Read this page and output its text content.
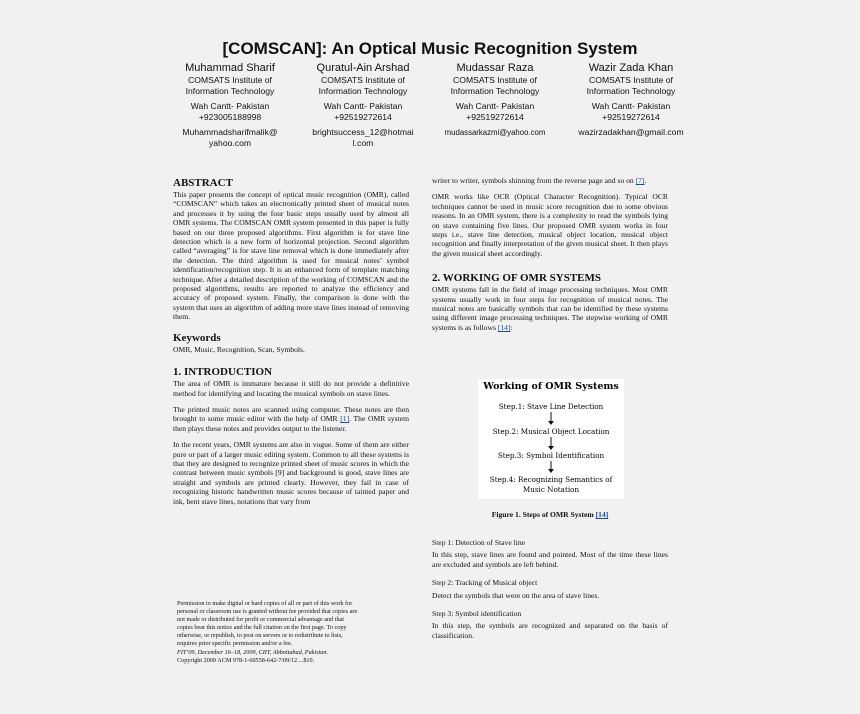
[COMSCAN]: An Optical Music Recognition System
Muhammad Sharif
COMSATS Institute of
Information Technology
Wah Cantt- Pakistan
+923005188998
Muhammadsharifmalik@
yahoo.com
Quratul-Ain Arshad
COMSATS Institute of
Information Technology
Wah Cantt- Pakistan
+92519272614
brightsuccess_12@hotmai
l.com
Mudassar Raza
COMSATS Institute of
Information Technology
Wah Cantt- Pakistan
+92519272614
mudassarkazmi@yahoo.com
Wazir Zada Khan
COMSATS Institute of
Information Technology
Wah Cantt- Pakistan
+92519272614
wazirzadakhan@gmail.com
ABSTRACT

This paper presents the concept of optical music recognition (OMR), called “COMSCAN” which takes an electronically printed sheet of musical notes and processes it by using the four basic steps usually used by almost all OMR systems. The COMSCAN OMR system presented in this paper is fully based on our three proposed algorithms. First algorithm is for stave line detection which is a new form of horizontal projection. Second algorithm called “averaging” is for stave line removal which is done immediately after the detection. The third algorithm is used for musical notes’ symbol identification/recognition step. It is an enhanced form of template matching technique. After a detailed description of the working of COMSCAN and the proposed algorithms, results are reported to analyze the efficiency and accuracy of proposed system. Finally, the comparison is done with the system that uses an algorithm of adding more stave lines instead of removing them.

Keywords

OMR, Music, Recognition, Scan, Symbols.

1. INTRODUCTION

The area of OMR is immature because it still do not provide a definitive method for identifying and locating the musical symbols on stave lines.

The printed music notes are scanned using computer. These notes are then brought to some music editor with the help of OMR [1]. The OMR system then plays these notes and provides output to the listener.

In the recent years, OMR systems are also in vogue. Some of them are either pure or part of a larger music editing system. Common to all these systems is that they are designed to recognize printed sheet of music scores in which the contrast between music symbols [9] and background is good, stave lines are straight and symbols are printed clearly. However, they fail in case of recognizing historic handwritten music scores because of tainted paper and ink, bent stave lines, notations that vary from

Permission to make digital or hard copies of all or part of this work for
personal or classroom use is granted without fee provided that copies are
not made or distributed for profit or commercial advantage and that
copies bear this notice and the full citation on the first page. To copy
otherwise, or republish, to post on servers or to redistribute to lists,
requires prior specific permission and/or a fee.
FIT’09, December 16–18, 2009, CIIT, Abbottabad, Pakistan.
Copyright 2009 ACM 978-1-60558-642-7/09/12....$10.

writer to writer, symbols shinning from the reverse page and so on [7].

OMR works like OCR (Optical Character Recognition). Typical OCR techniques cannot be used in music score recognition due to some obvious reasons. In an OMR system, there is a complexity to read the symbols lying on stave containing five lines. Our proposed OMR system works in four steps i.e., stave line detection, musical object location, musical object recognition and finally interpretation of the given musical sheet. It then plays the given musical sheet accordingly.

2. WORKING OF OMR SYSTEMS

OMR systems fall in the field of image processing techniques. Most OMR systems usually work in four steps for recognition of musical notes. The musical notes are basically symbols that can be identified by these systems using different image processing techniques. The stepwise working of OMR systems is as follows [14]:

Working of OMR Systems
Step.1: Stave Line Detection
Step.2: Musical Object Location
Step.3: Symbol Identification
Step.4: Recognizing Semantics of
Music Notation
Figure 1. Steps of OMR System [14]

Step 1: Detection of Stave line

In this step, stave lines are found and pointed. Most of the time these lines are excluded and symbols are left behind.

Step 2: Tracking of Musical object

Detect the symbols that were on the area of stave lines.

Step 3: Symbol identification

In this step, the symbols are recognized and separated on the basis of classification.
